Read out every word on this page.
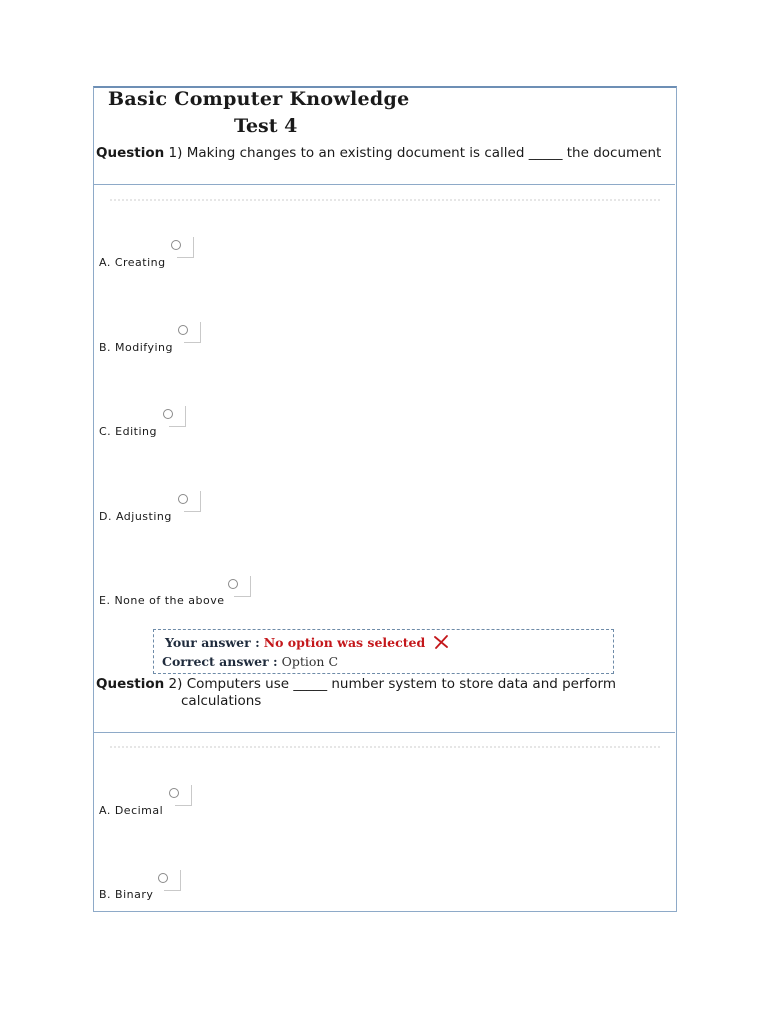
Basic Computer Knowledge
Test 4
Question 1) Making changes to an existing document is called _____ the document
A. Creating
B. Modifying
C. Editing
D. Adjusting
E. None of the above
Your answer : No option was selected
Correct answer : Option C
Question 2) Computers use _____ number system to store data and perform
calculations
A. Decimal
B. Binary
